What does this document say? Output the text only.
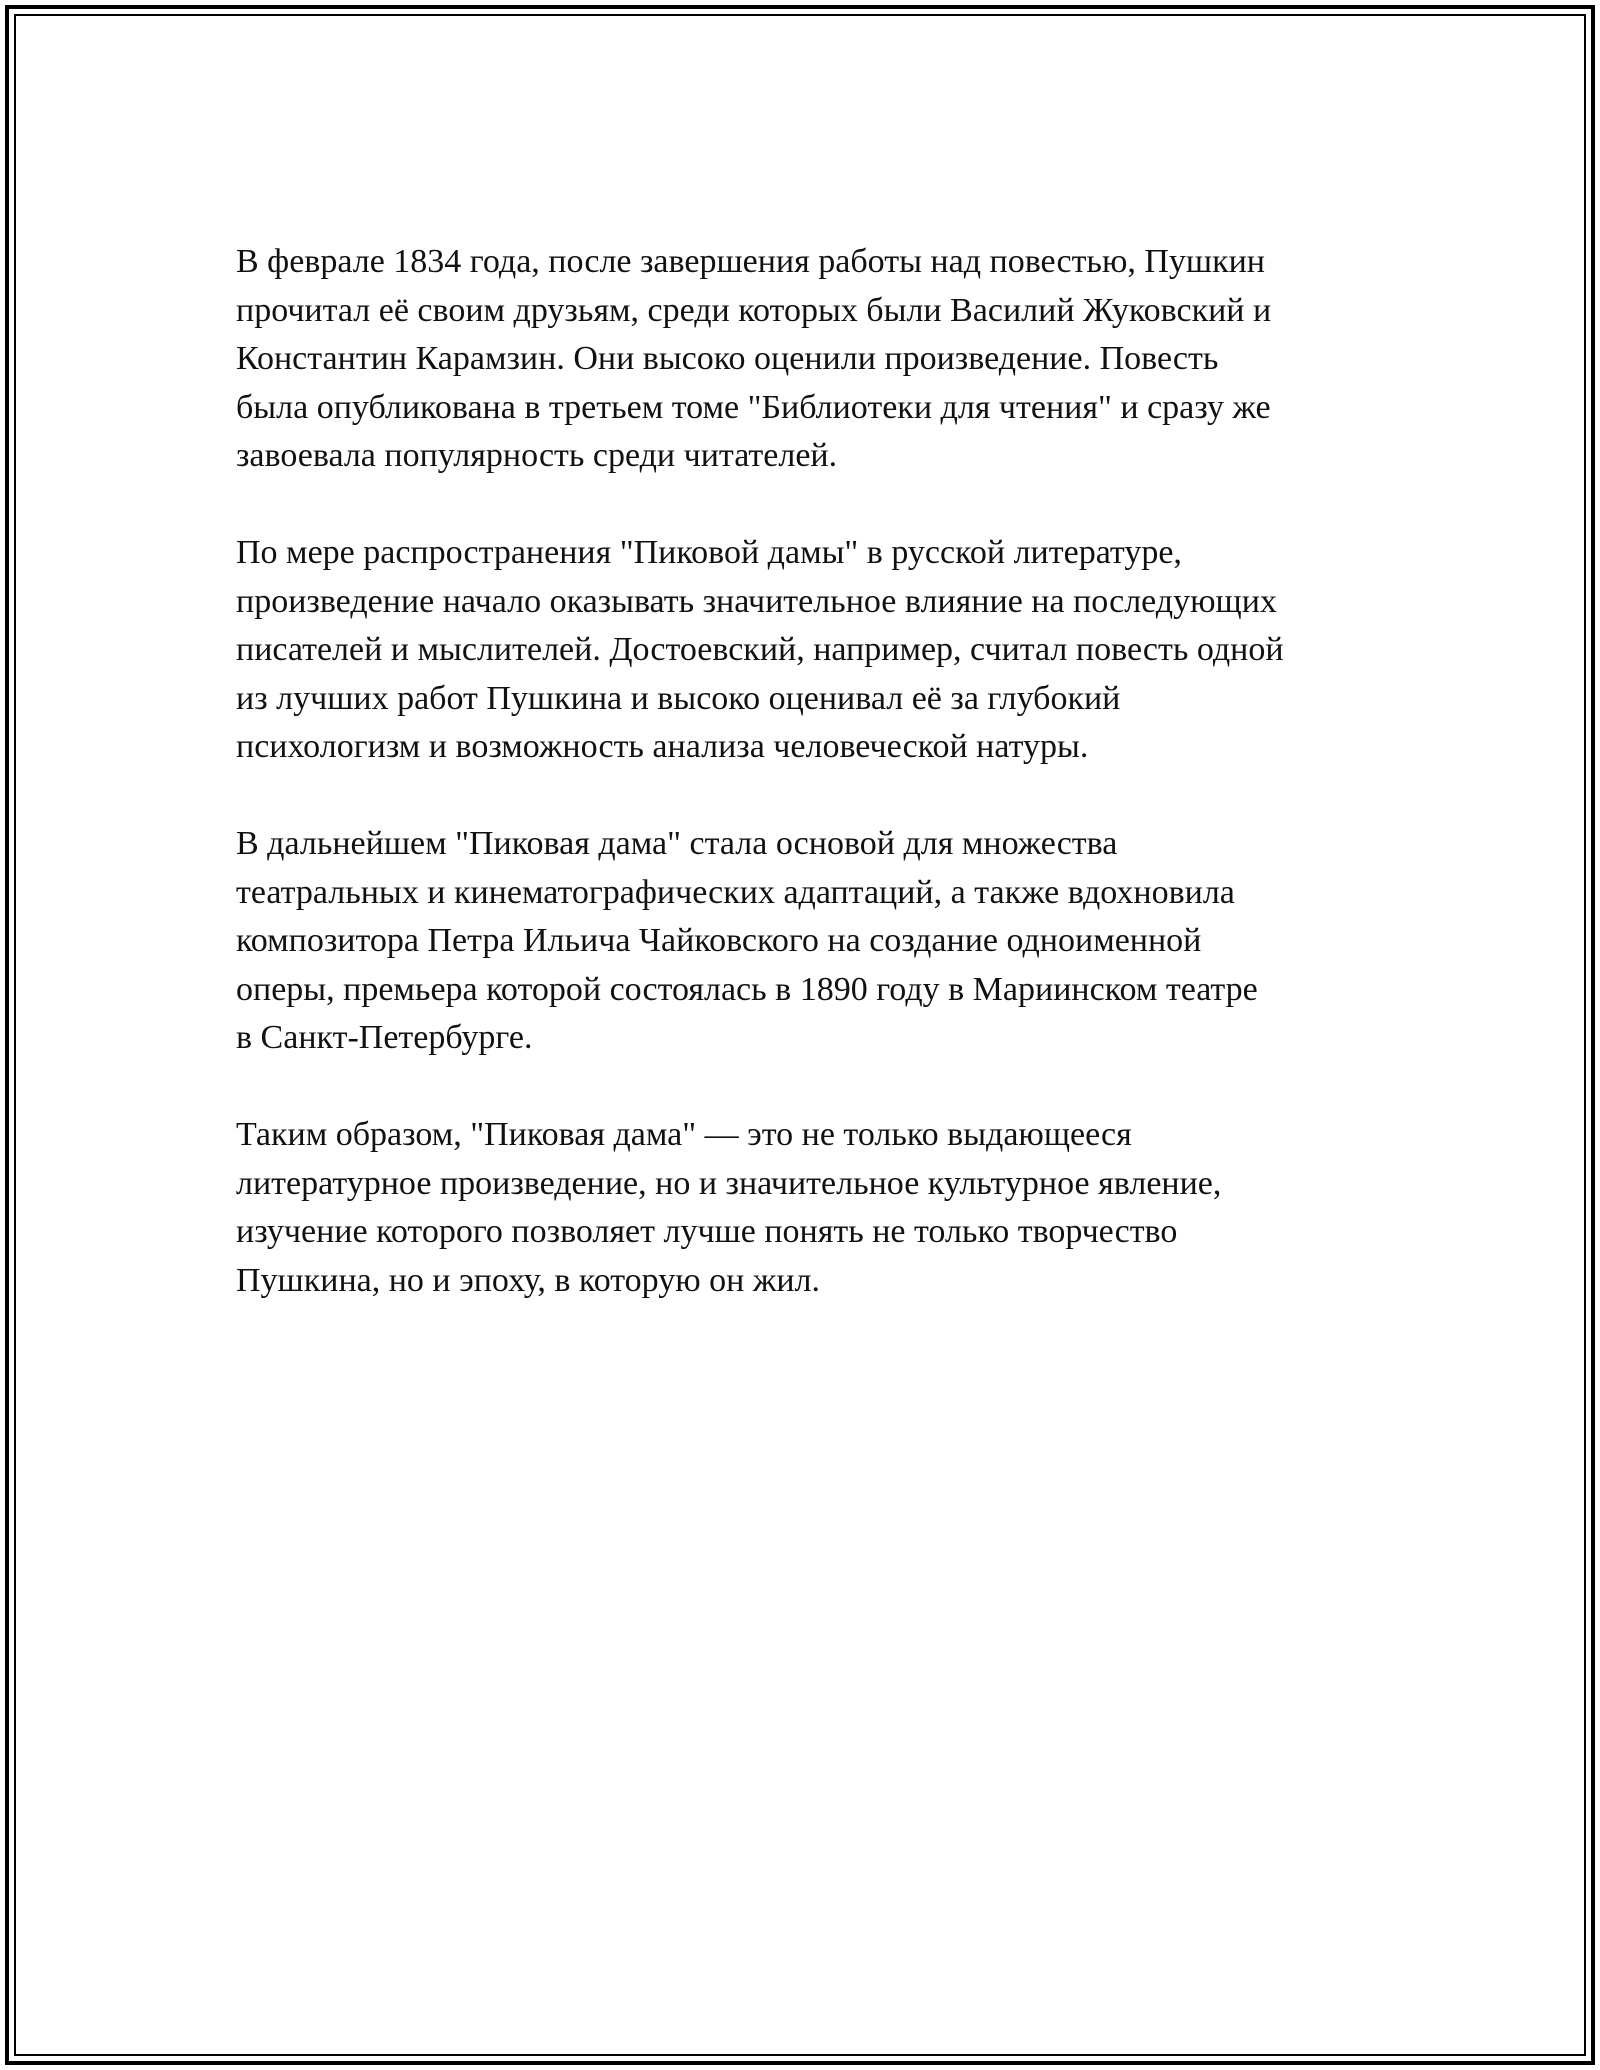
В феврале 1834 года, после завершения работы над повестью, Пушкин
прочитал её своим друзьям, среди которых были Василий Жуковский и
Константин Карамзин. Они высоко оценили произведение. Повесть
была опубликована в третьем томе "Библиотеки для чтения" и сразу же
завоевала популярность среди читателей.

По мере распространения "Пиковой дамы" в русской литературе,
произведение начало оказывать значительное влияние на последующих
писателей и мыслителей. Достоевский, например, считал повесть одной
из лучших работ Пушкина и высоко оценивал её за глубокий
психологизм и возможность анализа человеческой натуры.

В дальнейшем "Пиковая дама" стала основой для множества
театральных и кинематографических адаптаций, а также вдохновила
композитора Петра Ильича Чайковского на создание одноименной
оперы, премьера которой состоялась в 1890 году в Мариинском театре
в Санкт-Петербурге.

Таким образом, "Пиковая дама" — это не только выдающееся
литературное произведение, но и значительное культурное явление,
изучение которого позволяет лучше понять не только творчество
Пушкина, но и эпоху, в которую он жил.
